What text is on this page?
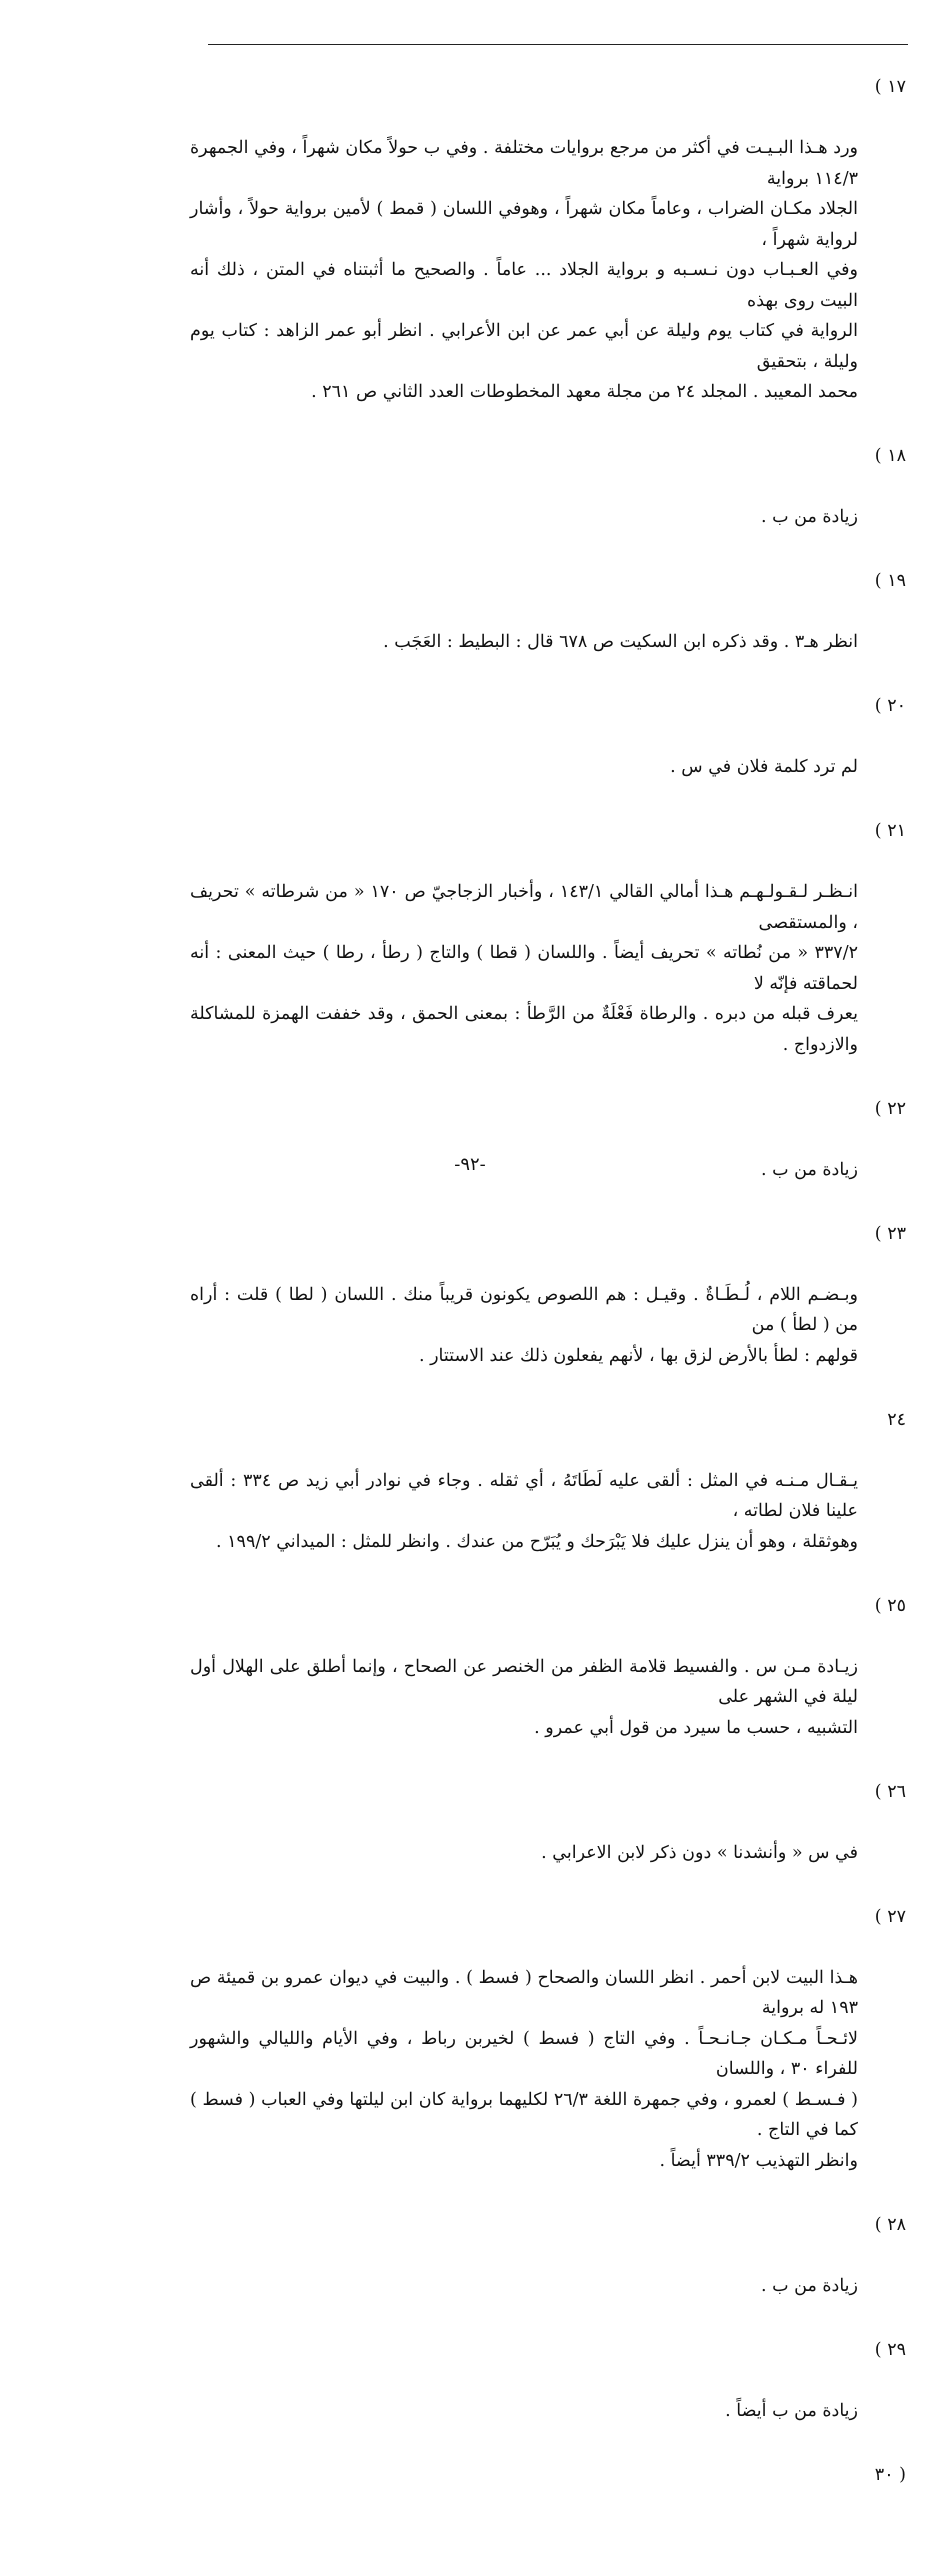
١٧ )

ورد هـذا البـيـت في أكثر من مرجع بروايات مختلفة . وفي ب حولاً مكان شهراً ، وفي الجمهرة ١١٤/٣ برواية
الجلاد مكـان الضراب ، وعاماً مكان شهراً ، وهوفي اللسان ( قمط ) لأمين برواية حولاً ، وأشار لرواية شهراً ،
وفي العـبـاب دون نـسـبه و برواية الجلاد ... عاماً . والصحيح ما أثبتناه في المتن ، ذلك أنه البيت روى بهذه
الرواية في كتاب يوم وليلة عن أبي عمر عن ابن الأعرابي . انظر أبو عمر الزاهد : كتاب يوم وليلة ، بتحقيق
محمد المعيبد . المجلد ٢٤ من مجلة معهد المخطوطات العدد الثاني ص ٢٦١ .

١٨ )

زيادة من ب .

١٩ )

انظر هـ٣ . وقد ذكره ابن السكيت ص ٦٧٨ قال : البطيط : العَجَب .

٢٠ )

لم ترد كلمة فلان في س .

٢١ )

انـظـر لـقـولـهـم هـذا أمالي القالي ١٤٣/١ ، وأخبار الزجاجيّ ص ١٧٠ « من شرطاته » تحريف ، والمستقصى
٣٣٧/٢ « من نُطاته » تحريف أيضاً . واللسان ( قطا ) والتاج ( رطأ ، رطا ) حيث المعنى : أنه لحماقته فإنّه لا
يعرف قبله من دبره . والرطاة فَعْلَةٌ من الرَّطأ : بمعنى الحمق ، وقد خففت الهمزة للمشاكلة والازدواج .

٢٢ )

زيادة من ب .

٢٣ )

وبـضـم اللام ، لُـطَـاةٌ . وقيـل : هم اللصوص يكونون قريباً منك . اللسان ( لطا ) قلت : أراه من ( لطأ ) من
قولهم : لطأ بالأرض لزق بها ، لأنهم يفعلون ذلك عند الاستتار .

٢٤

يـقـال مـنـه في المثل : ألقى عليه لَطَاتَهُ ، أي ثقله . وجاء في نوادر أبي زيد ص ٣٣٤ : ألقى علينا فلان لطاته ،
وهوثقلة ، وهو أن ينزل عليك فلا يَبْرَحك و يُبَرّح من عندك . وانظر للمثل : الميداني ١٩٩/٢ .

٢٥ )

زيـادة مـن س . والفسيط قلامة الظفر من الخنصر عن الصحاح ، وإنما أطلق على الهلال أول ليلة في الشهر على
التشبيه ، حسب ما سيرد من قول أبي عمرو .

٢٦ )

في س « وأنشدنا » دون ذكر لابن الاعرابي .

٢٧ )

هـذا البيت لابن أحمر . انظر اللسان والصحاح ( فسط ) . والبيت في ديوان عمرو بن قميئة ص ١٩٣ له برواية
لائـحـاً مـكـان جـانـحـاً . وفي التاج ( فسط ) لخيربن رباط ، وفي الأيام والليالي والشهور للفراء ٣٠ ، واللسان
( فـسـط ) لعمرو ، وفي جمهرة اللغة ٢٦/٣ لكليهما برواية كان ابن ليلتها وفي العباب ( فسط ) كما في التاج .
وانظر التهذيب ٣٣٩/٢ أيضاً .

٢٨ )

زيادة من ب .

٢٩ )

زيادة من ب أيضاً .

( ٣٠

-٩٢-
